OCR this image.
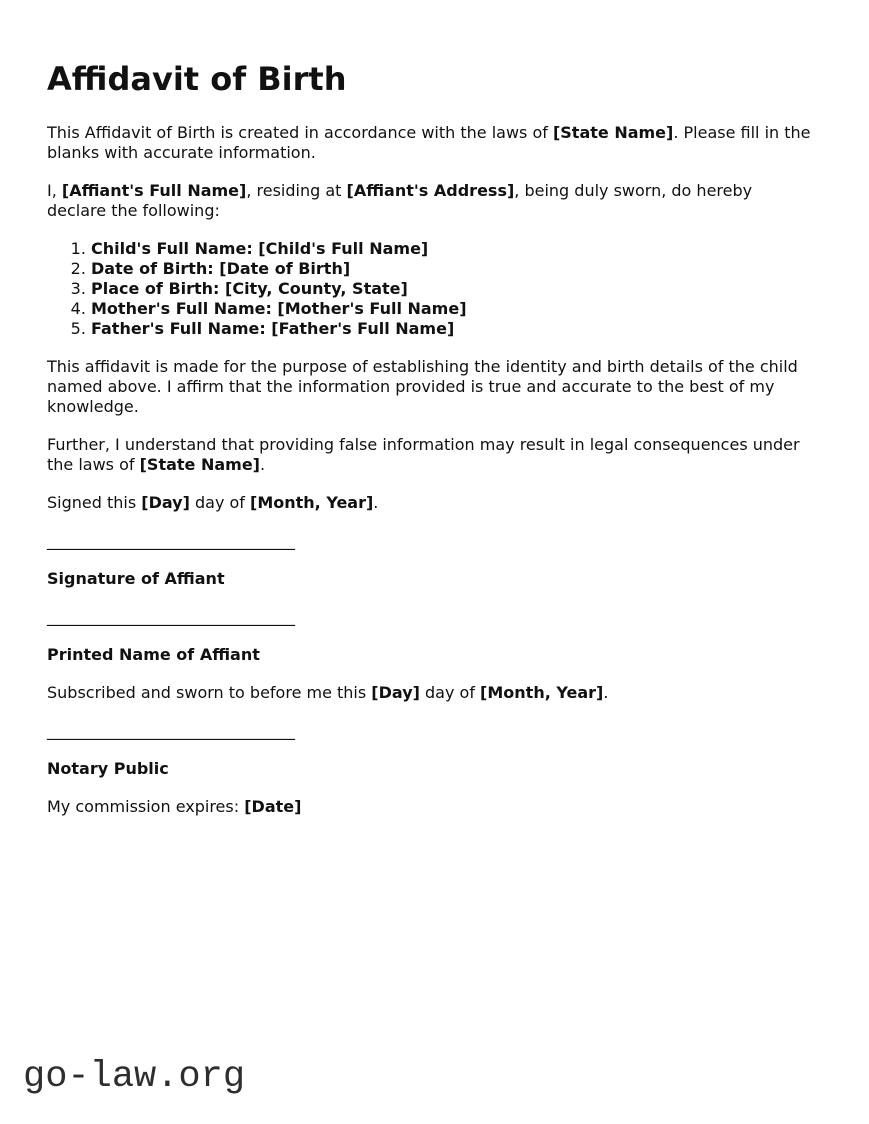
Affidavit of Birth

This Affidavit of Birth is created in accordance with the laws of [State Name]. Please fill in the blanks with accurate information.

I, [Affiant's Full Name], residing at [Affiant's Address], being duly sworn, do hereby declare the following:

1. Child's Full Name: [Child's Full Name]
2. Date of Birth: [Date of Birth]
3. Place of Birth: [City, County, State]
4. Mother's Full Name: [Mother's Full Name]
5. Father's Full Name: [Father's Full Name]

This affidavit is made for the purpose of establishing the identity and birth details of the child named above. I affirm that the information provided is true and accurate to the best of my knowledge.

Further, I understand that providing false information may result in legal consequences under the laws of [State Name].

Signed this [Day] day of [Month, Year].

_______________________________

Signature of Affiant

_______________________________

Printed Name of Affiant

Subscribed and sworn to before me this [Day] day of [Month, Year].

_______________________________

Notary Public

My commission expires: [Date]

go-law.org
